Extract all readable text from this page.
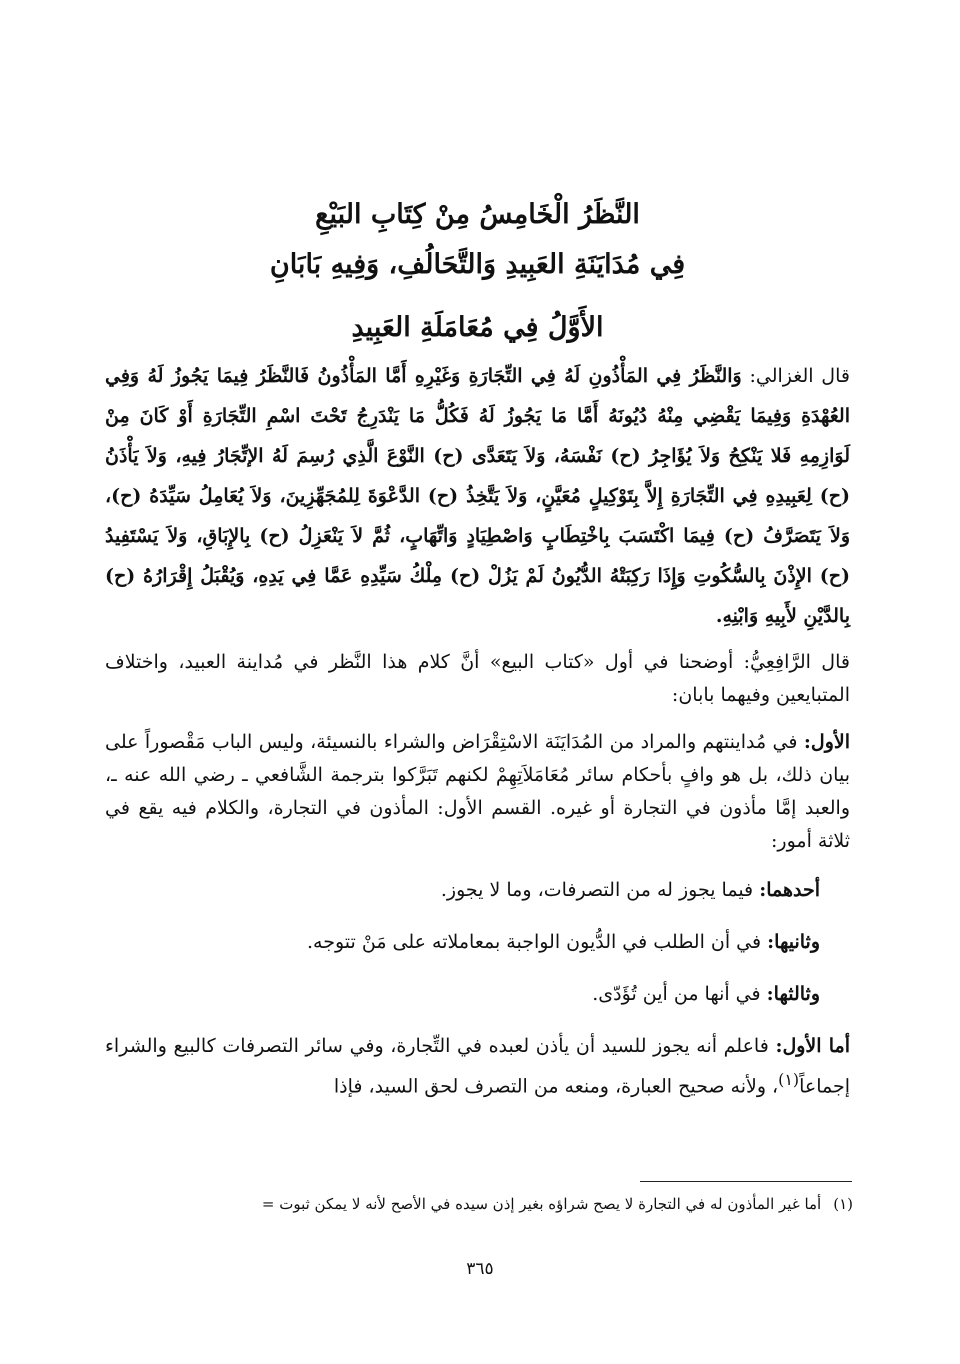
النَّظَرُ الْخَامِسُ مِنْ كِتَابِ البَيْعِ
فِي مُدَايَنَةِ العَبِيدِ وَالتَّحَالُفِ، وَفِيهِ بَابَانِ
الأَوَّلُ فِي مُعَامَلَةِ العَبِيدِ

قال الغزالي: وَالنَّظَرُ فِي المَأْذُونِ لَهُ فِي التِّجَارَةِ وَغَيْرِهِ أَمَّا المَأْذُونُ فَالنَّظَرُ فِيمَا يَجُوزُ لَهُ وَفِي العُهْدَةِ وَفِيمَا يَقْضِي مِنْهُ دُيُونَهُ أَمَّا مَا يَجُوزُ لَهُ فَكُلُّ مَا يَنْدَرِجُ تَحْتَ اسْمِ التِّجَارَةِ أَوْ كَانَ مِنْ لَوَازِمِهِ فَلا يَنْكِحُ وَلاَ يُؤَاجِرُ (ح) نَفْسَهُ، وَلاَ يَتَعَدَّى (ح) النَّوْعَ الَّذِي رُسِمَ لَهُ الإتِّجَارُ فِيهِ، وَلاَ يَأْذَنُ (ح) لِعَبِيدِهِ فِي التِّجَارَةِ إِلاَّ بِتَوْكِيلٍ مُعَيَّنٍ، وَلاَ يَتَّخِذُ (ح) الدَّعْوَةَ لِلمُجَهِّزِينَ، وَلاَ يُعَامِلُ سَيِّدَهُ (ح)، وَلاَ يَتَصَرَّفُ (ح) فِيمَا اكْتَسَبَ بِاخْتِطَابٍ وَاصْطِيَادٍ وَاتِّهَابٍ، ثُمَّ لاَ يَنْعَزِلُ (ح) بِالإِبَاقِ، وَلاَ يَسْتَفِيدُ (ح) الإِذْنَ بِالسُّكُوتِ وَإِذَا رَكِبَتْهُ الدُّيُونُ لَمْ يَزُلْ (ح) مِلْكُ سَيِّدِهِ عَمَّا فِي يَدِهِ، وَيُقْبَلُ إِقْرَارُهُ (ح) بِالدَّيْنِ لأَبِيهِ وَابْنِهِ.

قال الرَّافِعِيُّ: أوضحنا في أول «كتاب البيع» أنَّ كلام هذا النَّظر في مُداينة العبيد، واختلاف المتبايعين وفيهما بابان:

الأول: في مُداينتهم والمراد من المُدَايَنَة الاسْتِقْرَاض والشراء بالنسيئة، وليس الباب مَقْصوراً على بيان ذلك، بل هو وافٍ بأحكام سائر مُعَامَلاَتِهِمْ لكنهم تَبَرَّكوا بترجمة الشَّافعي ـ رضي الله عنه ـ، والعبد إمَّا مأذون في التجارة أو غيره. القسم الأول: المأذون في التجارة، والكلام فيه يقع في ثلاثة أمور:

أحدهما: فيما يجوز له من التصرفات، وما لا يجوز.

وثانيها: في أن الطلب في الدُّيون الواجبة بمعاملاته على مَنْ تتوجه.

وثالثها: في أنها من أين تُؤَدّى.

أما الأول: فاعلم أنه يجوز للسيد أن يأذن لعبده في التِّجارة، وفي سائر التصرفات كالبيع والشراء إجماعاً$^{(١)}$، ولأنه صحيح العبارة، ومنعه من التصرف لحق السيد، فإذا

(١)أما غير المأذون له في التجارة لا يصح شراؤه بغير إذن سيده في الأصح لأنه لا يمكن ثبوت =
٣٦٥
